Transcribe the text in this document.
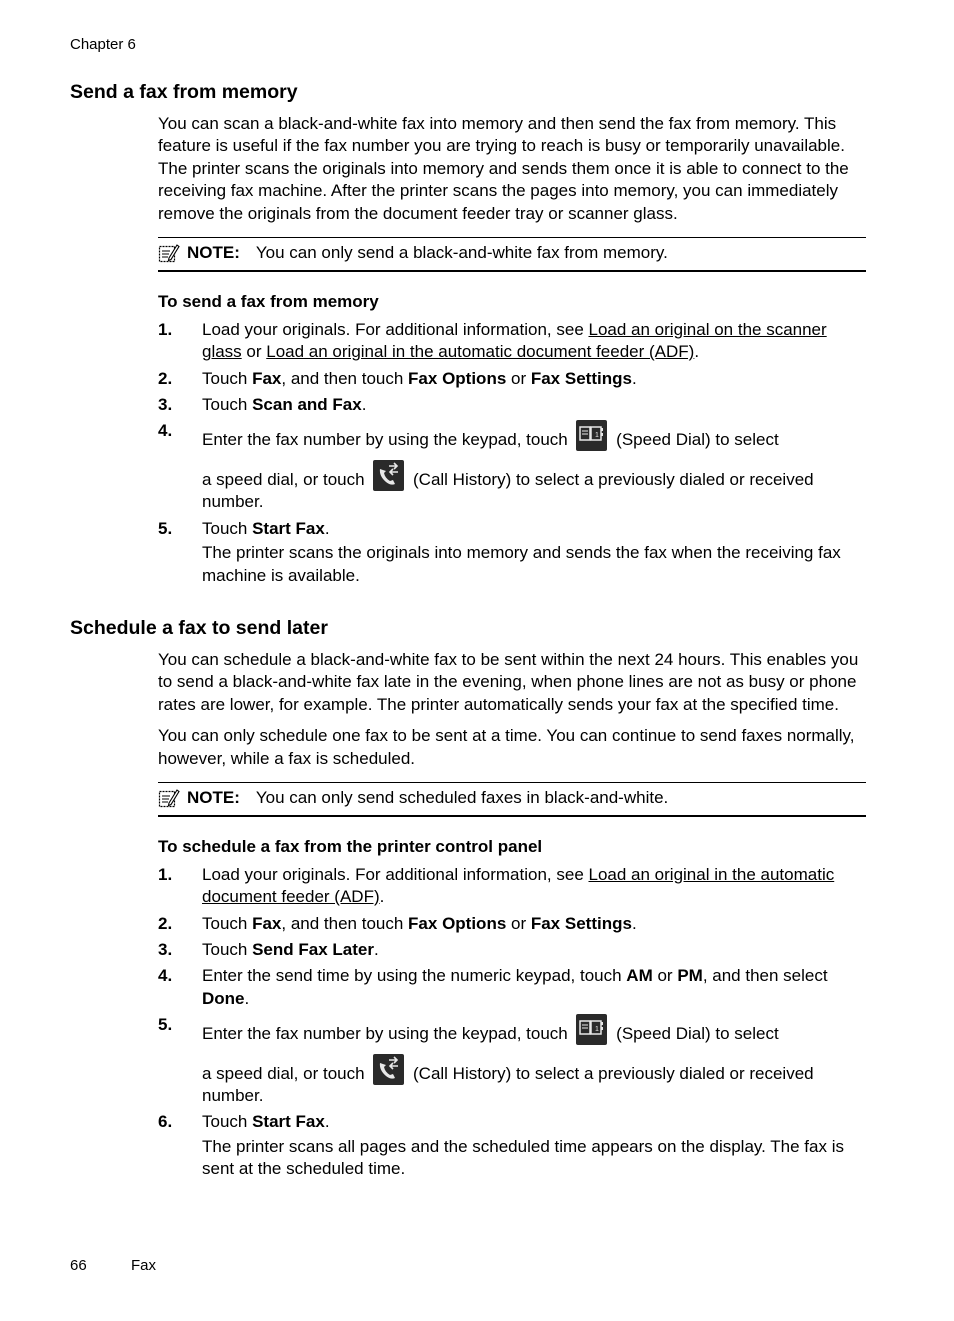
Chapter 6
Send a fax from memory

You can scan a black-and-white fax into memory and then send the fax from memory. This feature is useful if the fax number you are trying to reach is busy or temporarily unavailable. The printer scans the originals into memory and sends them once it is able to connect to the receiving fax machine. After the printer scans the pages into memory, you can immediately remove the originals from the document feeder tray or scanner glass.

NOTE: You can only send a black-and-white fax from memory.

To send a fax from memory

1. Load your originals. For additional information, see Load an original on the scanner glass or Load an original in the automatic document feeder (ADF).
2. Touch Fax, and then touch Fax Options or Fax Settings.
3. Touch Scan and Fax.
4. Enter the fax number by using the keypad, touch	1 (Speed Dial) to select
a speed dial, or touch
(Call History) to select a previously dialed or received number.
5. Touch Start Fax.
The printer scans the originals into memory and sends the fax when the receiving fax machine is available.
Schedule a fax to send later

You can schedule a black-and-white fax to be sent within the next 24 hours. This enables you to send a black-and-white fax late in the evening, when phone lines are not as busy or phone rates are lower, for example. The printer automatically sends your fax at the specified time.

You can only schedule one fax to be sent at a time. You can continue to send faxes normally, however, while a fax is scheduled.

NOTE: You can only send scheduled faxes in black-and-white.

To schedule a fax from the printer control panel

1. Load your originals. For additional information, see Load an original in the automatic document feeder (ADF).
2. Touch Fax, and then touch Fax Options or Fax Settings.
3. Touch Send Fax Later.
4. Enter the send time by using the numeric keypad, touch AM or PM, and then select Done.
5. Enter the fax number by using the keypad, touch	1 (Speed Dial) to select
a speed dial, or touch
(Call History) to select a previously dialed or received number.
6. Touch Start Fax.
The printer scans all pages and the scheduled time appears on the display. The fax is sent at the scheduled time.
66	Fax
